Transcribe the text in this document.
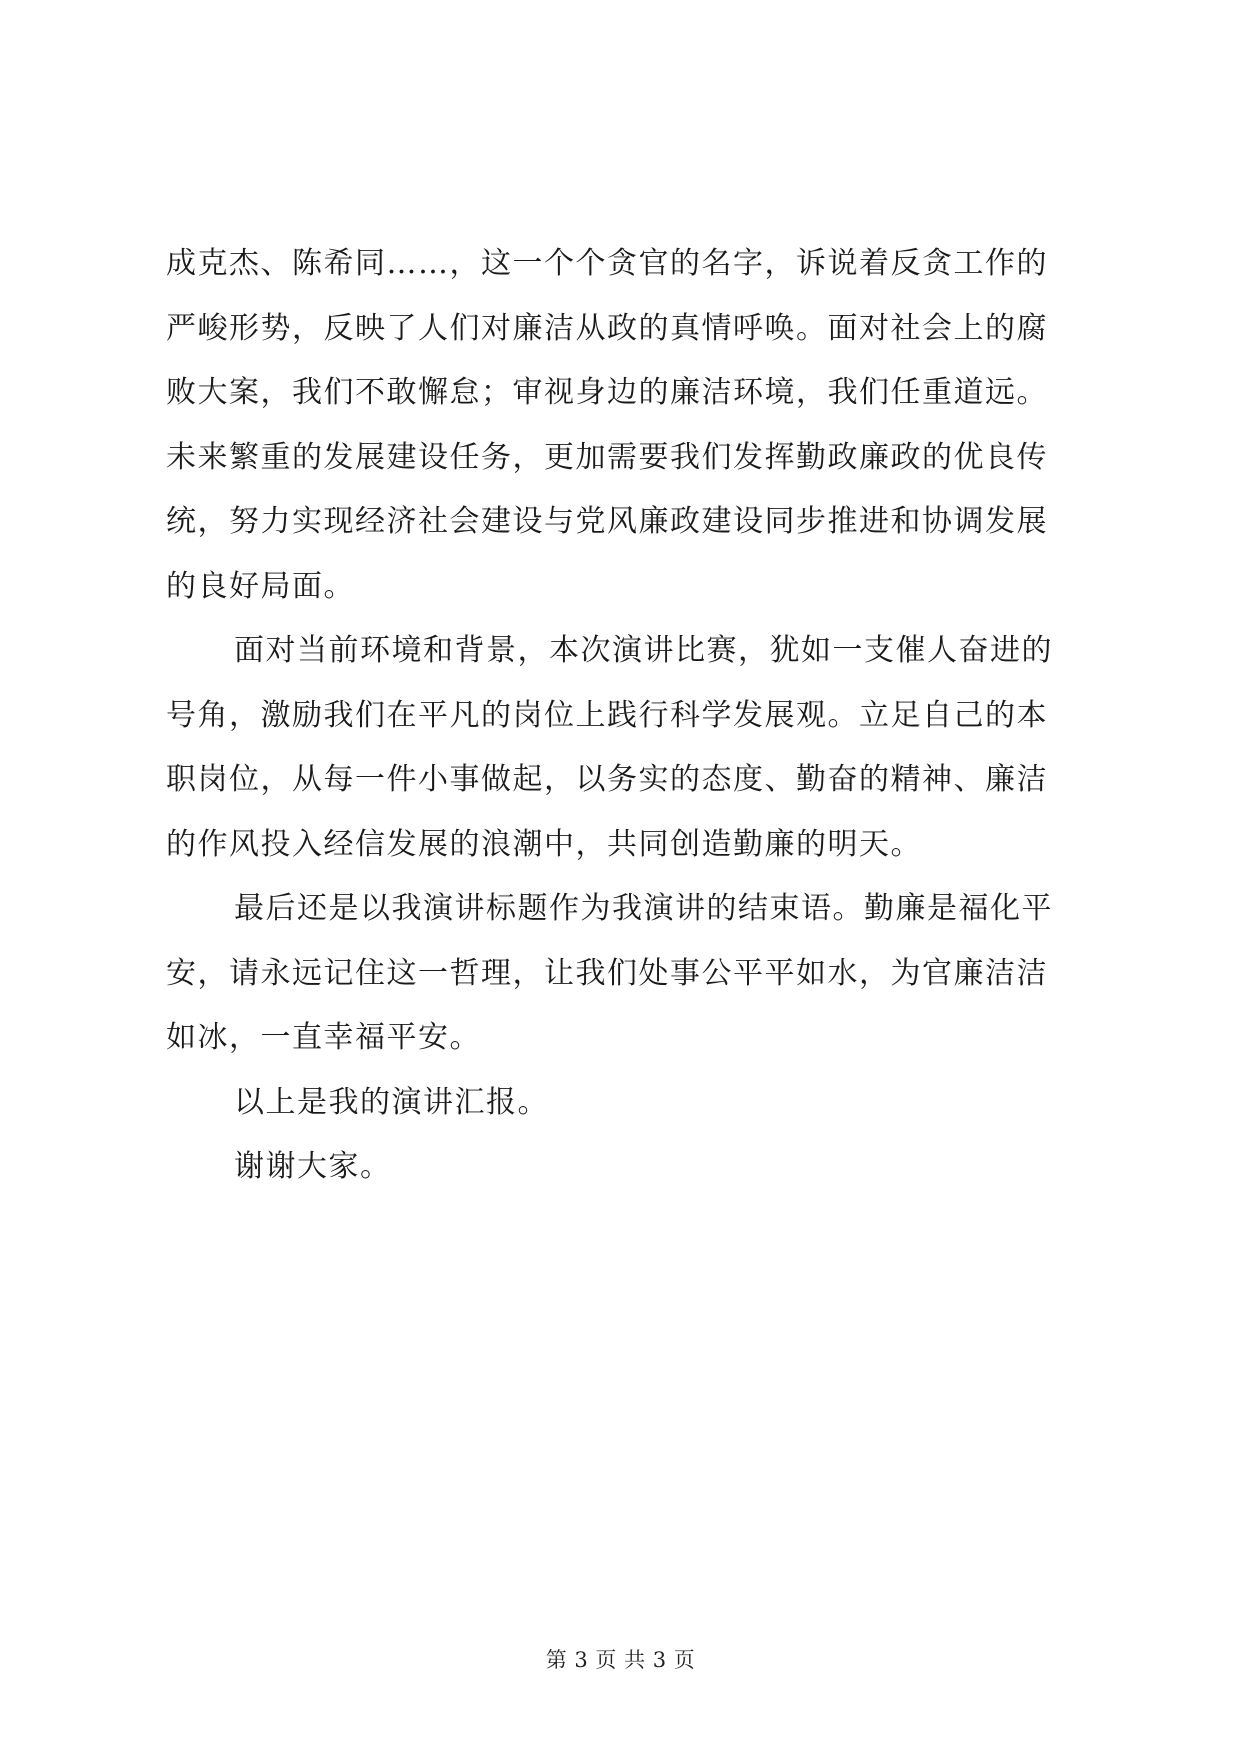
成克杰、陈希同……，这一个个贪官的名字，诉说着反贪工作的
严峻形势，反映了人们对廉洁从政的真情呼唤。面对社会上的腐
败大案，我们不敢懈怠；审视身边的廉洁环境，我们任重道远。
未来繁重的发展建设任务，更加需要我们发挥勤政廉政的优良传
统，努力实现经济社会建设与党风廉政建设同步推进和协调发展
的良好局面。
面对当前环境和背景，本次演讲比赛，犹如一支催人奋进的
号角，激励我们在平凡的岗位上践行科学发展观。立足自己的本
职岗位，从每一件小事做起，以务实的态度、勤奋的精神、廉洁
的作风投入经信发展的浪潮中，共同创造勤廉的明天。
最后还是以我演讲标题作为我演讲的结束语。勤廉是福化平
安，请永远记住这一哲理，让我们处事公平平如水，为官廉洁洁
如冰，一直幸福平安。
以上是我的演讲汇报。
谢谢大家。
第 3 页 共 3 页
